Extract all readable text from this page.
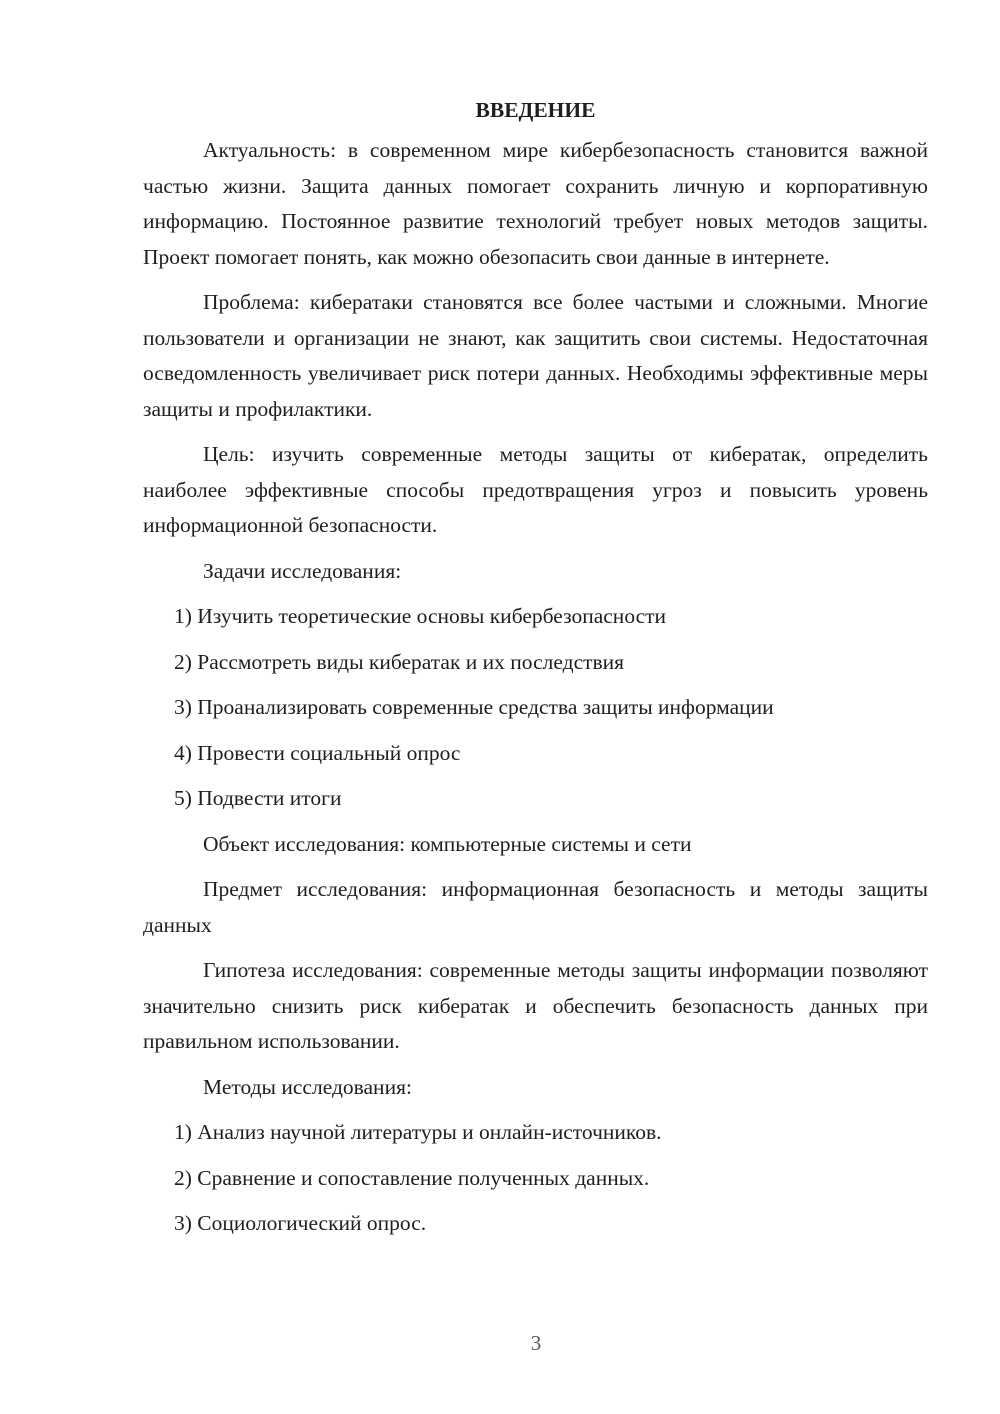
ВВЕДЕНИЕ

Актуальность: в современном мире кибербезопасность становится важной частью жизни. Защита данных помогает сохранить личную и корпоративную информацию. Постоянное развитие технологий требует новых методов защиты. Проект помогает понять, как можно обезопасить свои данные в интернете.

Проблема: кибератаки становятся все более частыми и сложными. Многие пользователи и организации не знают, как защитить свои системы. Недостаточная осведомленность увеличивает риск потери данных. Необходимы эффективные меры защиты и профилактики.

Цель: изучить современные методы защиты от кибератак, определить наиболее эффективные способы предотвращения угроз и повысить уровень информационной безопасности.

Задачи исследования:

1) Изучить теоретические основы кибербезопасности

2) Рассмотреть виды кибератак и их последствия

3) Проанализировать современные средства защиты информации

4) Провести социальный опрос

5) Подвести итоги

Объект исследования: компьютерные системы и сети

Предмет исследования: информационная безопасность и методы защиты данных

Гипотеза исследования: современные методы защиты информации позволяют значительно снизить риск кибератак и обеспечить безопасность данных при правильном использовании.

Методы исследования:

1) Анализ научной литературы и онлайн-источников.

2) Сравнение и сопоставление полученных данных.

3) Социологический опрос.

3
